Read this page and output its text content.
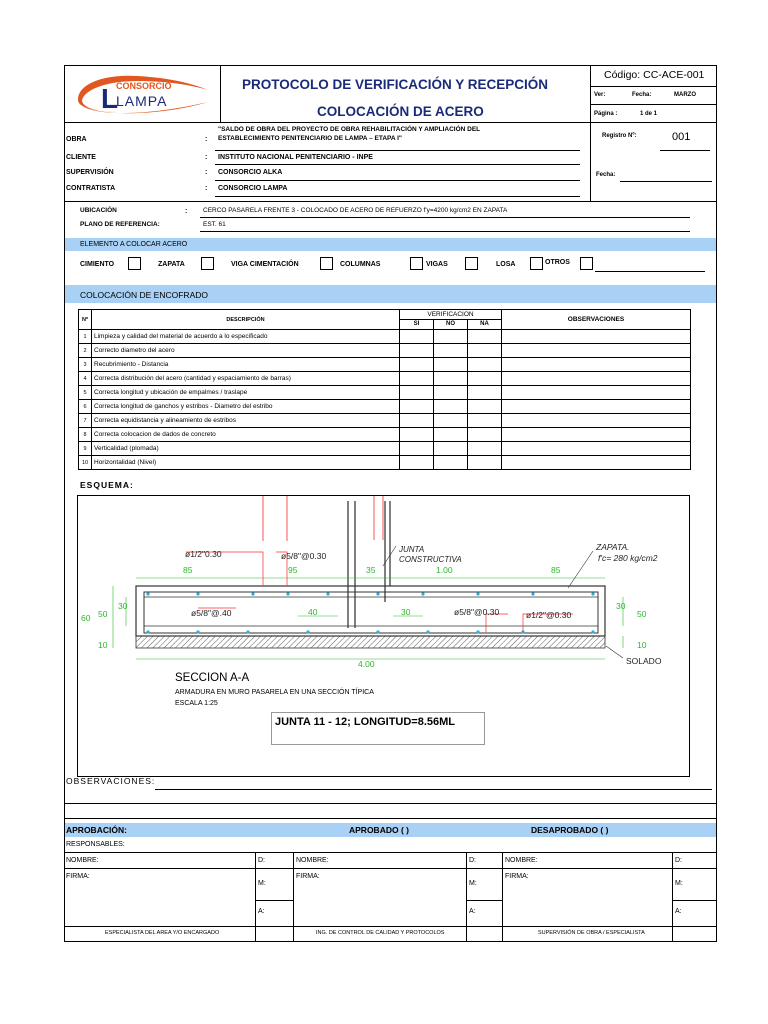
L
CONSORCIO
LAMPA
PROTOCOLO DE VERIFICACIÓN Y RECEPCIÓN
COLOCACIÓN DE ACERO
Código: CC-ACE-001
Ver:	Fecha:	MARZO
Página :	1 de 1
OBRA	:
"SALDO DE OBRA DEL PROYECTO DE OBRA REHABILITACIÓN Y AMPLIACIÓN DEL
ESTABLECIMIENTO PENITENCIARIO DE LAMPA – ETAPA I"
CLIENTE	: INSTITUTO NACIONAL PENITENCIARIO - INPE
SUPERVISIÓN	: CONSORCIO ALKA
CONTRATISTA	: CONSORCIO LAMPA
Registro Nº:	001
Fecha:
UBICACIÓN	: CERCO PASARELA FRENTE 3 - COLOCADO DE ACERO DE REFUERZO f'y=4200 kg/cm2 EN ZAPATA
PLANO DE REFERENCIA:	EST. 61
ELEMENTO A COLOCAR ACERO
CIMIENTO	ZAPATA	VIGA CIMENTACIÓN	COLUMNAS	VIGAS	LOSA	OTROS
COLOCACIÓN DE ENCOFRADO
Nº	DESCRIPCIÓN	VERIFICACION			OBSERVACIONES
		SI	NO	NA	
1	Limpieza y calidad del material de acuerdo a lo especificado				
2	Correcto diametro del acero				
3	Recubrimiento - Distancia				
4	Correcta distribución del acero (cantidad y espaciamiento de barras)				
5	Correcta longitud y ubicación de empalmes / traslape				
6	Correcta longitud de ganchos y estribos - Diametro del estribo				
7	Correcta equidistancia y alineamiento de estribos				
8	Correcta colocacion de dados de concreto				
9	Verticalidad (plomada)				
10	Horizontalidad (Nivel)				
ESQUEMA:
ø1/2"0.30	ø5/8"@0.30
ø5/8"@.40	ø5/8"@0.30	ø1/2"@0.30
JUNTA
CONSTRUCTIVA
ZAPATA.
f'c= 280 kg/cm2
85	95	35	1.00	85
40	30
30	30
50	50
60
10	10
4.00	SOLADO
SECCION A-A
ARMADURA EN MURO PASARELA EN UNA SECCIÓN TÍPICA
ESCALA 1:25
JUNTA 11 - 12; LONGITUD=8.56ML
OBSERVACIONES:
APROBACIÓN:	APROBADO ( )	DESAPROBADO ( )
RESPONSABLES:
NOMBRE:	D:	NOMBRE:	D:	NOMBRE:	D:
FIRMA:	FIRMA:	FIRMA:
M:	M:	M:
A:	A:	A:
ESPECIALISTA DEL AREA Y/O ENCARGADO	ING. DE CONTROL DE CALIDAD Y PROTOCOLOS	SUPERVISIÓN DE OBRA / ESPECIALISTA
